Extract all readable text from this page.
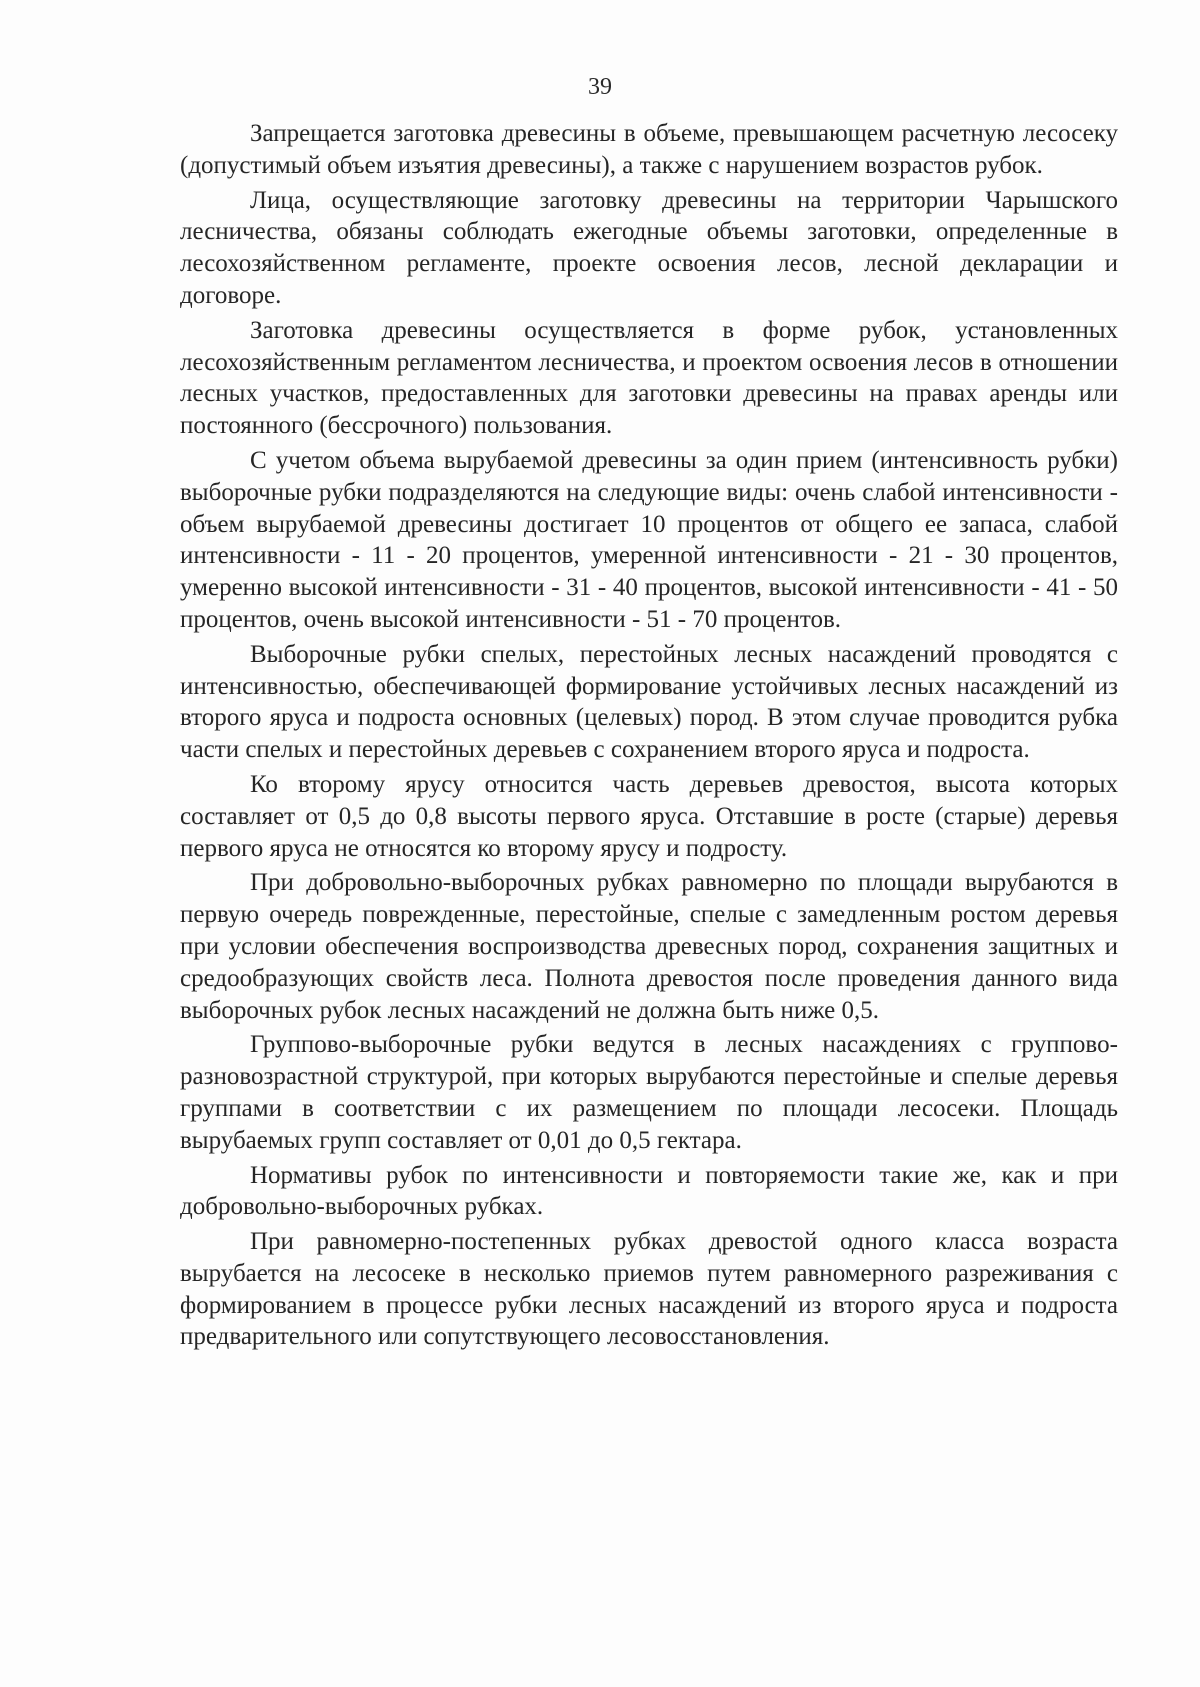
39

Запрещается заготовка древесины в объеме, превышающем расчетную лесосеку (допустимый объем изъятия древесины), а также с нарушением возрастов рубок.

Лица, осуществляющие заготовку древесины на территории Чарышского лесничества, обязаны соблюдать ежегодные объемы заготовки, определенные в лесохозяйственном регламенте, проекте освоения лесов, лесной декларации и договоре.

Заготовка древесины осуществляется в форме рубок, установленных лесохозяйственным регламентом лесничества, и проектом освоения лесов в отношении лесных участков, предоставленных для заготовки древесины на правах аренды или постоянного (бессрочного) пользования.

С учетом объема вырубаемой древесины за один прием (интенсивность рубки) выборочные рубки подразделяются на следующие виды: очень слабой интенсивности - объем вырубаемой древесины достигает 10 процентов от общего ее запаса, слабой интенсивности - 11 - 20 процентов, умеренной интенсивности - 21 - 30 процентов, умеренно высокой интенсивности - 31 - 40 процентов, высокой интенсивности - 41 - 50 процентов, очень высокой интенсивности - 51 - 70 процентов.

Выборочные рубки спелых, перестойных лесных насаждений проводятся с интенсивностью, обеспечивающей формирование устойчивых лесных насаждений из второго яруса и подроста основных (целевых) пород. В этом случае проводится рубка части спелых и перестойных деревьев с сохранением второго яруса и подроста.

Ко второму ярусу относится часть деревьев древостоя, высота которых составляет от 0,5 до 0,8 высоты первого яруса. Отставшие в росте (старые) деревья первого яруса не относятся ко второму ярусу и подросту.

При добровольно-выборочных рубках равномерно по площади вырубаются в первую очередь поврежденные, перестойные, спелые с замедленным ростом деревья при условии обеспечения воспроизводства древесных пород, сохранения защитных и средообразующих свойств леса. Полнота древостоя после проведения данного вида выборочных рубок лесных насаждений не должна быть ниже 0,5.

Группово-выборочные рубки ведутся в лесных насаждениях с групповo-разновозрастной структурой, при которых вырубаются перестойные и спелые деревья группами в соответствии с их размещением по площади лесосеки. Площадь вырубаемых групп составляет от 0,01 до 0,5 гектара.

Нормативы рубок по интенсивности и повторяемости такие же, как и при добровольно-выборочных рубках.

При равномерно-постепенных рубках древостой одного класса возраста вырубается на лесосеке в несколько приемов путем равномерного разреживания с формированием в процессе рубки лесных насаждений из второго яруса и подроста предварительного или сопутствующего лесовосстановления.
